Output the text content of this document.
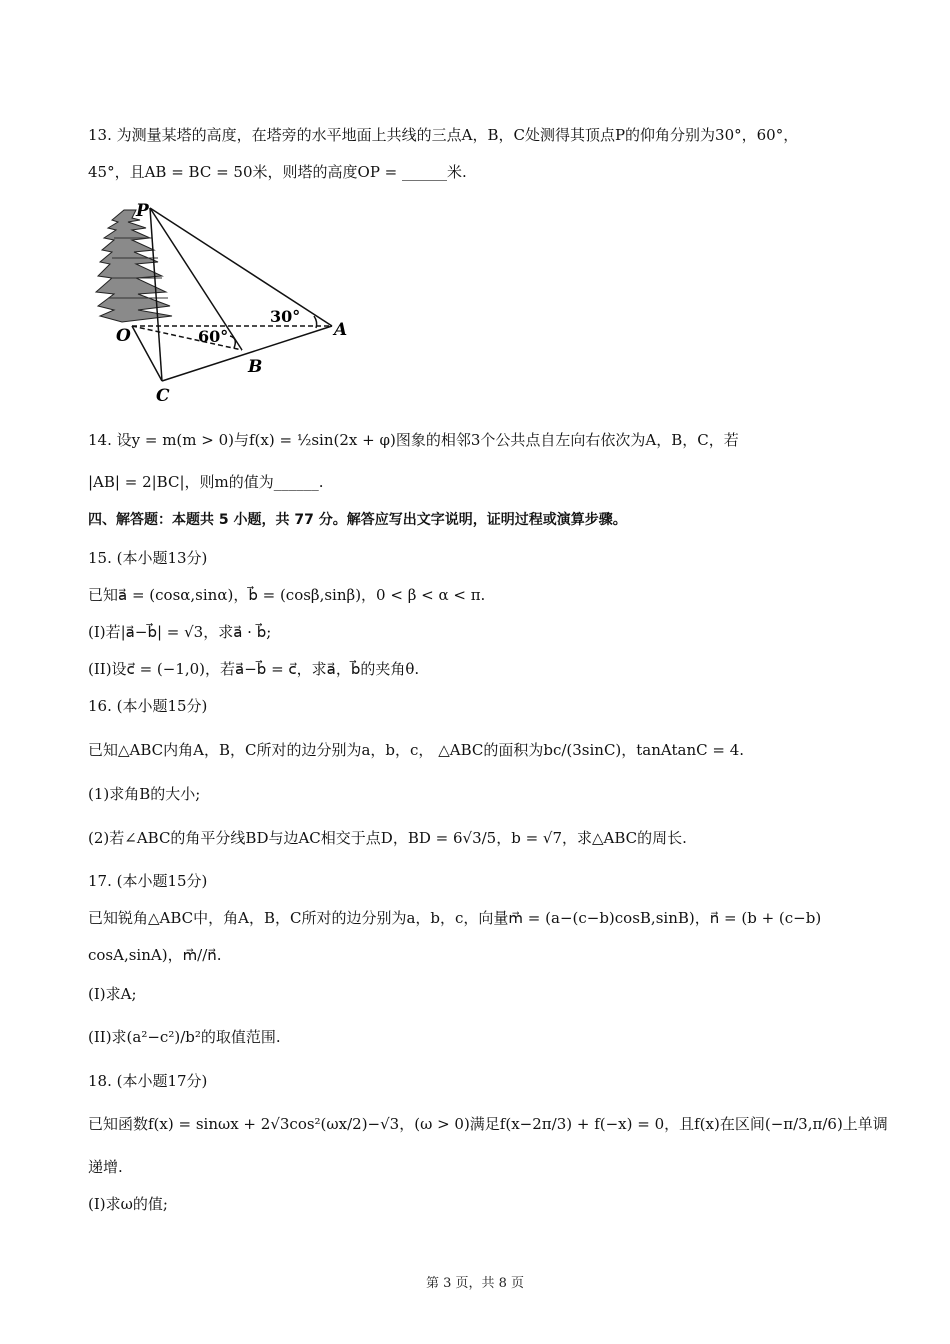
13. 为测量某塔的高度，在塔旁的水平地面上共线的三点A，B，C处测得其顶点P的仰角分别为30°，60°，
45°，且AB = BC = 50米，则塔的高度OP = ______米.
P
O	A
B
C
30°
60°
14. 设y = m(m > 0)与f(x) = ½sin(2x + φ)图象的相邻3个公共点自左向右依次为A，B，C，若
|AB| = 2|BC|，则m的值为______.
四、解答题：本题共 5 小题，共 77 分。解答应写出文字说明，证明过程或演算步骤。
15. (本小题13分)
已知a⃗ = (cosα,sinα)，b⃗ = (cosβ,sinβ)，0 < β < α < π.
(I)若|a⃗−b⃗| = √3，求a⃗ · b⃗;
(II)设c⃗ = (−1,0)，若a⃗−b⃗ = c⃗，求a⃗，b⃗的夹角θ.
16. (本小题15分)
已知△ABC内角A，B，C所对的边分别为a，b，c， △ABC的面积为bc/(3sinC)，tanAtanC = 4.
(1)求角B的大小;
(2)若∠ABC的角平分线BD与边AC相交于点D，BD = 6√3/5，b = √7，求△ABC的周长.
17. (本小题15分)
已知锐角△ABC中，角A，B，C所对的边分别为a，b，c，向量m⃗ = (a−(c−b)cosB,sinB)，n⃗ = (b + (c−b)
cosA,sinA)，m⃗//n⃗.
(I)求A;
(II)求(a²−c²)/b²的取值范围.
18. (本小题17分)
已知函数f(x) = sinωx + 2√3cos²(ωx/2)−√3，(ω > 0)满足f(x−2π/3) + f(−x) = 0，且f(x)在区间(−π/3,π/6)上单调
递增.
(I)求ω的值;
第 3 页，共 8 页
